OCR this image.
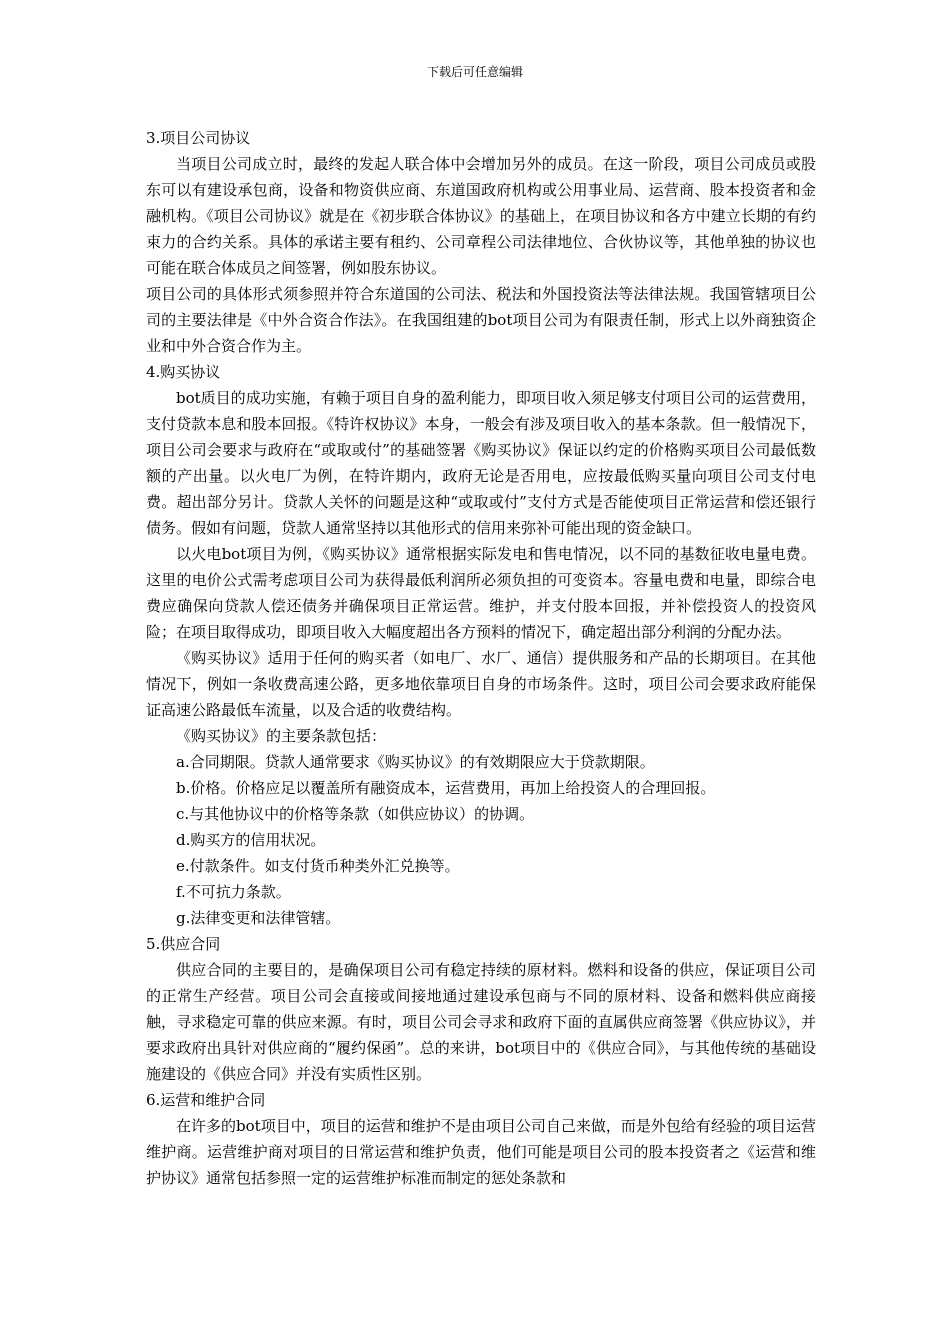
下载后可任意编辑

3.项目公司协议

当项目公司成立时，最终的发起人联合体中会增加另外的成员。在这一阶段，项目公司成员或股东可以有建设承包商，设备和物资供应商、东道国政府机构或公用事业局、运营商、股本投资者和金融机构。《项目公司协议》就是在《初步联合体协议》的基础上，在项目协议和各方中建立长期的有约束力的合约关系。具体的承诺主要有租约、公司章程公司法律地位、合伙协议等，其他单独的协议也可能在联合体成员之间签署，例如股东协议。

项目公司的具体形式须参照并符合东道国的公司法、税法和外国投资法等法律法规。我国管辖项目公司的主要法律是《中外合资合作法》。在我国组建的bot项目公司为有限责任制，形式上以外商独资企业和中外合资合作为主。

4.购买协议

bot质目的成功实施，有赖于项目自身的盈利能力，即项目收入须足够支付项目公司的运营费用，支付贷款本息和股本回报。《特许权协议》本身，一般会有涉及项目收入的基本条款。但一般情况下，项目公司会要求与政府在“或取或付”的基础签署《购买协议》保证以约定的价格购买项目公司最低数额的产出量。以火电厂为例，在特许期内，政府无论是否用电，应按最低购买量向项目公司支付电费。超出部分另计。贷款人关怀的问题是这种“或取或付”支付方式是否能使项目正常运营和偿还银行债务。假如有问题，贷款人通常坚持以其他形式的信用来弥补可能出现的资金缺口。

以火电bot项目为例，《购买协议》通常根据实际发电和售电情况，以不同的基数征收电量电费。这里的电价公式需考虑项目公司为获得最低利润所必须负担的可变资本。容量电费和电量，即综合电费应确保向贷款人偿还债务并确保项目正常运营。维护，并支付股本回报，并补偿投资人的投资风险；在项目取得成功，即项目收入大幅度超出各方预料的情况下，确定超出部分利润的分配办法。

《购买协议》适用于任何的购买者（如电厂、水厂、通信）提供服务和产品的长期项目。在其他情况下，例如一条收费高速公路，更多地依靠项目自身的市场条件。这时，项目公司会要求政府能保证高速公路最低车流量，以及合适的收费结构。

《购买协议》的主要条款包括：

a.合同期限。贷款人通常要求《购买协议》的有效期限应大于贷款期限。

b.价格。价格应足以覆盖所有融资成本，运营费用，再加上给投资人的合理回报。

c.与其他协议中的价格等条款（如供应协议）的协调。

d.购买方的信用状况。

e.付款条件。如支付货币种类外汇兑换等。

f.不可抗力条款。

g.法律变更和法律管辖。

5.供应合同

供应合同的主要目的，是确保项目公司有稳定持续的原材料。燃料和设备的供应，保证项目公司的正常生产经营。项目公司会直接或间接地通过建设承包商与不同的原材料、设备和燃料供应商接触，寻求稳定可靠的供应来源。有时，项目公司会寻求和政府下面的直属供应商签署《供应协议》，并要求政府出具针对供应商的“履约保函”。总的来讲，bot项目中的《供应合同》，与其他传统的基础设施建设的《供应合同》并没有实质性区别。

6.运营和维护合同

在许多的bot项目中，项目的运营和维护不是由项目公司自己来做，而是外包给有经验的项目运营维护商。运营维护商对项目的日常运营和维护负责，他们可能是项目公司的股本投资者之《运营和维护协议》通常包括参照一定的运营维护标准而制定的惩处条款和
